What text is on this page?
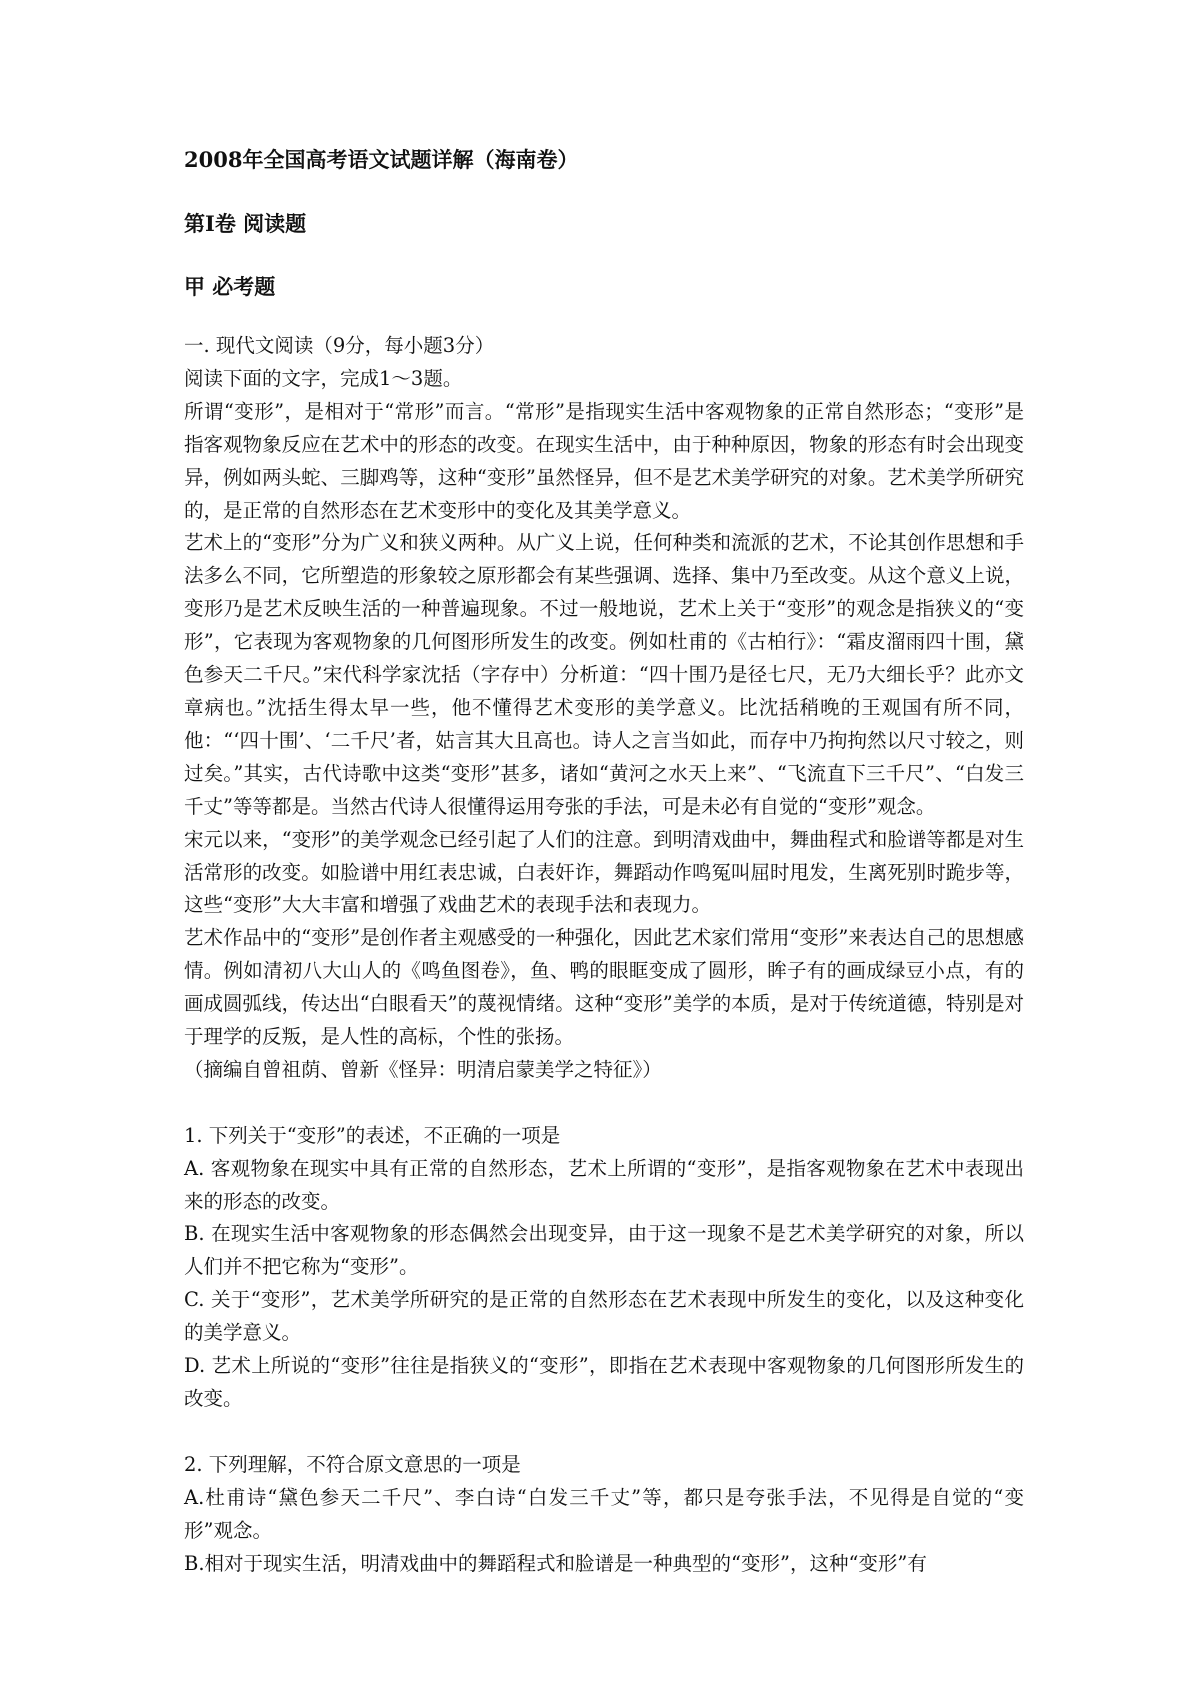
2008年全国高考语文试题详解（海南卷）
第Ⅰ卷 阅读题
甲 必考题

一. 现代文阅读（9分，每小题3分）

阅读下面的文字，完成1～3题。

所谓“变形”，是相对于“常形”而言。“常形”是指现实生活中客观物象的正常自然形态；“变形”是指客观物象反应在艺术中的形态的改变。在现实生活中，由于种种原因，物象的形态有时会出现变异，例如两头蛇、三脚鸡等，这种“变形”虽然怪异，但不是艺术美学研究的对象。艺术美学所研究的，是正常的自然形态在艺术变形中的变化及其美学意义。

艺术上的“变形”分为广义和狭义两种。从广义上说，任何种类和流派的艺术，不论其创作思想和手法多么不同，它所塑造的形象较之原形都会有某些强调、选择、集中乃至改变。从这个意义上说，变形乃是艺术反映生活的一种普遍现象。不过一般地说，艺术上关于“变形”的观念是指狭义的“变形”，它表现为客观物象的几何图形所发生的改变。例如杜甫的《古柏行》：“霜皮溜雨四十围，黛色参天二千尺。”宋代科学家沈括（字存中）分析道：“四十围乃是径七尺，无乃大细长乎？此亦文章病也。”沈括生得太早一些，他不懂得艺术变形的美学意义。比沈括稍晚的王观国有所不同，他：“‘四十围’、‘二千尺’者，姑言其大且高也。诗人之言当如此，而存中乃拘拘然以尺寸较之，则过矣。”其实，古代诗歌中这类“变形”甚多，诸如“黄河之水天上来”、“飞流直下三千尺”、“白发三千丈”等等都是。当然古代诗人很懂得运用夸张的手法，可是未必有自觉的“变形”观念。

宋元以来，“变形”的美学观念已经引起了人们的注意。到明清戏曲中，舞曲程式和脸谱等都是对生活常形的改变。如脸谱中用红表忠诚，白表奸诈，舞蹈动作鸣冤叫屈时甩发，生离死别时跪步等，这些“变形”大大丰富和增强了戏曲艺术的表现手法和表现力。

艺术作品中的“变形”是创作者主观感受的一种强化，因此艺术家们常用“变形”来表达自己的思想感情。例如清初八大山人的《鸣鱼图卷》，鱼、鸭的眼眶变成了圆形，眸子有的画成绿豆小点，有的画成圆弧线，传达出“白眼看天”的蔑视情绪。这种“变形”美学的本质，是对于传统道德，特别是对于理学的反叛，是人性的高标，个性的张扬。

（摘编自曾祖荫、曾新《怪异：明清启蒙美学之特征》）

1. 下列关于“变形”的表述，不正确的一项是

A. 客观物象在现实中具有正常的自然形态，艺术上所谓的“变形”，是指客观物象在艺术中表现出来的形态的改变。

B. 在现实生活中客观物象的形态偶然会出现变异，由于这一现象不是艺术美学研究的对象，所以人们并不把它称为“变形”。

C. 关于“变形”，艺术美学所研究的是正常的自然形态在艺术表现中所发生的变化，以及这种变化的美学意义。

D. 艺术上所说的“变形”往往是指狭义的“变形”，即指在艺术表现中客观物象的几何图形所发生的改变。

2. 下列理解，不符合原文意思的一项是

A.杜甫诗“黛色参天二千尺”、李白诗“白发三千丈”等，都只是夸张手法，不见得是自觉的“变形”观念。

B.相对于现实生活，明清戏曲中的舞蹈程式和脸谱是一种典型的“变形”，这种“变形”有
